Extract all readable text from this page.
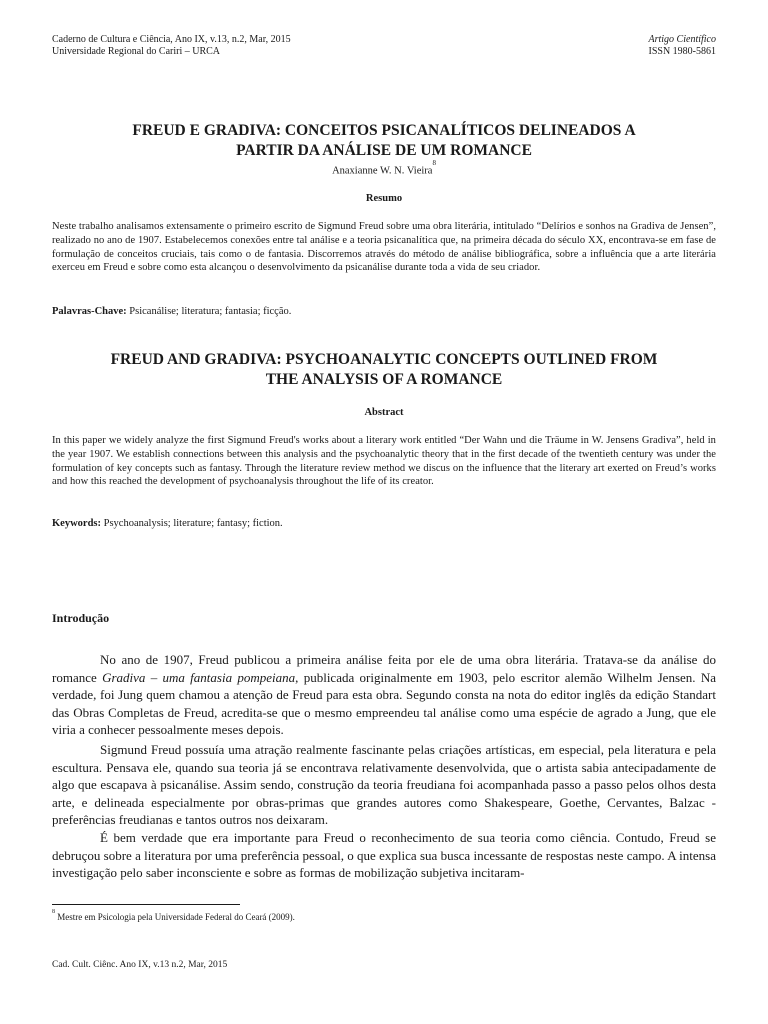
Caderno de Cultura e Ciência, Ano IX, v.13, n.2, Mar, 2015
Universidade Regional do Cariri – URCA
Artigo Científico
ISSN 1980-5861
FREUD E GRADIVA: CONCEITOS PSICANALÍTICOS DELINEADOS A
PARTIR DA ANÁLISE DE UM ROMANCE
Anaxianne W. N. Vieira$^8$
Resumo
Neste trabalho analisamos extensamente o primeiro escrito de Sigmund Freud sobre uma obra literária, intitulado “Delírios e sonhos na Gradiva de Jensen”, realizado no ano de 1907. Estabelecemos conexões entre tal análise e a teoria psicanalítica que, na primeira década do século XX, encontrava-se em fase de formulação de conceitos cruciais, tais como o de fantasia. Discorremos através do método de análise bibliográfica, sobre a influência que a arte literária exerceu em Freud e sobre como esta alcançou o desenvolvimento da psicanálise durante toda a vida de seu criador.
Palavras-Chave: Psicanálise; literatura; fantasia; ficção.
FREUD AND GRADIVA: PSYCHOANALYTIC CONCEPTS OUTLINED FROM
THE ANALYSIS OF A ROMANCE
Abstract
In this paper we widely analyze the first Sigmund Freud's works about a literary work entitled “Der Wahn und die Träume in W. Jensens Gradiva”, held in the year 1907. We establish connections between this analysis and the psychoanalytic theory that in the first decade of the twentieth century was under the formulation of key concepts such as fantasy. Through the literature review method we discus on the influence that the literary art exerted on Freud’s works and how this reached the development of psychoanalysis throughout the life of its creator.
Keywords: Psychoanalysis; literature; fantasy; fiction.
Introdução

No ano de 1907, Freud publicou a primeira análise feita por ele de uma obra literária. Tratava-se da análise do romance Gradiva – uma fantasia pompeiana, publicada originalmente em 1903, pelo escritor alemão Wilhelm Jensen. Na verdade, foi Jung quem chamou a atenção de Freud para esta obra. Segundo consta na nota do editor inglês da edição Standart das Obras Completas de Freud, acredita-se que o mesmo empreendeu tal análise como uma espécie de agrado a Jung, que ele viria a conhecer pessoalmente meses depois.

Sigmund Freud possuía uma atração realmente fascinante pelas criações artísticas, em especial, pela literatura e pela escultura. Pensava ele, quando sua teoria já se encontrava relativamente desenvolvida, que o artista sabia antecipadamente de algo que escapava à psicanálise. Assim sendo, construção da teoria freudiana foi acompanhada passo a passo pelos olhos desta arte, e delineada especialmente por obras-primas que grandes autores como Shakespeare, Goethe, Cervantes, Balzac - preferências freudianas e tantos outros nos deixaram.

É bem verdade que era importante para Freud o reconhecimento de sua teoria como ciência. Contudo, Freud se debruçou sobre a literatura por uma preferência pessoal, o que explica sua busca incessante de respostas neste campo. A intensa investigação pelo saber inconsciente e sobre as formas de mobilização subjetiva incitaram-

$^8$ Mestre em Psicologia pela Universidade Federal do Ceará (2009).
Cad. Cult. Ciênc. Ano IX, v.13 n.2, Mar, 2015
